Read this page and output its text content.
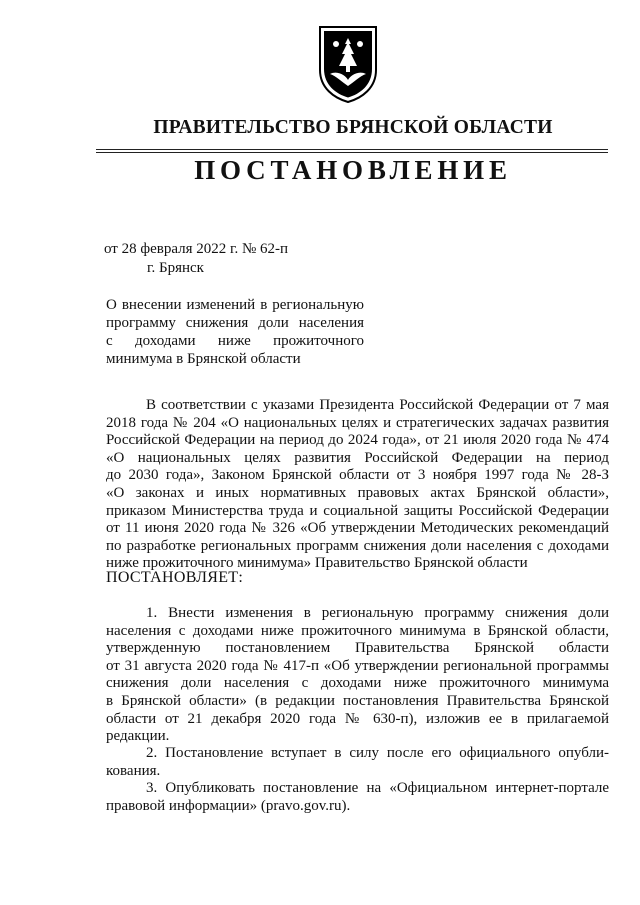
ПРАВИТЕЛЬСТВО БРЯНСКОЙ ОБЛАСТИ
ПОСТАНОВЛЕНИЕ
от 28 февраля 2022 г. № 62-п
г. Брянск
О внесении изменений в региональную
программу снижения доли населения
с доходами ниже прожиточного
минимума в Брянской области
В соответствии с указами Президента Российской Федерации от 7 мая
2018 года № 204 «О национальных целях и стратегических задачах развития
Российской Федерации на период до 2024 года», от 21 июля 2020 года № 474
«О национальных целях развития Российской Федерации на период
до 2030 года», Законом Брянской области от 3 ноября 1997 года № 28-З
«О законах и иных нормативных правовых актах Брянской области»,
приказом Министерства труда и социальной защиты Российской Федерации
от 11 июня 2020 года № 326 «Об утверждении Методических рекомендаций
по разработке региональных программ снижения доли населения с доходами
ниже прожиточного минимума» Правительство Брянской области
ПОСТАНОВЛЯЕТ:
1. Внести изменения в региональную программу снижения доли
населения с доходами ниже прожиточного минимума в Брянской области,
утвержденную постановлением Правительства Брянской области
от 31 августа 2020 года № 417-п «Об утверждении региональной программы
снижения доли населения с доходами ниже прожиточного минимума
в Брянской области» (в редакции постановления Правительства Брянской
области от 21 декабря 2020 года № 630-п), изложив ее в прилагаемой
редакции.
2. Постановление вступает в силу после его официального опубли-
кования.
3. Опубликовать постановление на «Официальном интернет-портале
правовой информации» (pravo.gov.ru).
